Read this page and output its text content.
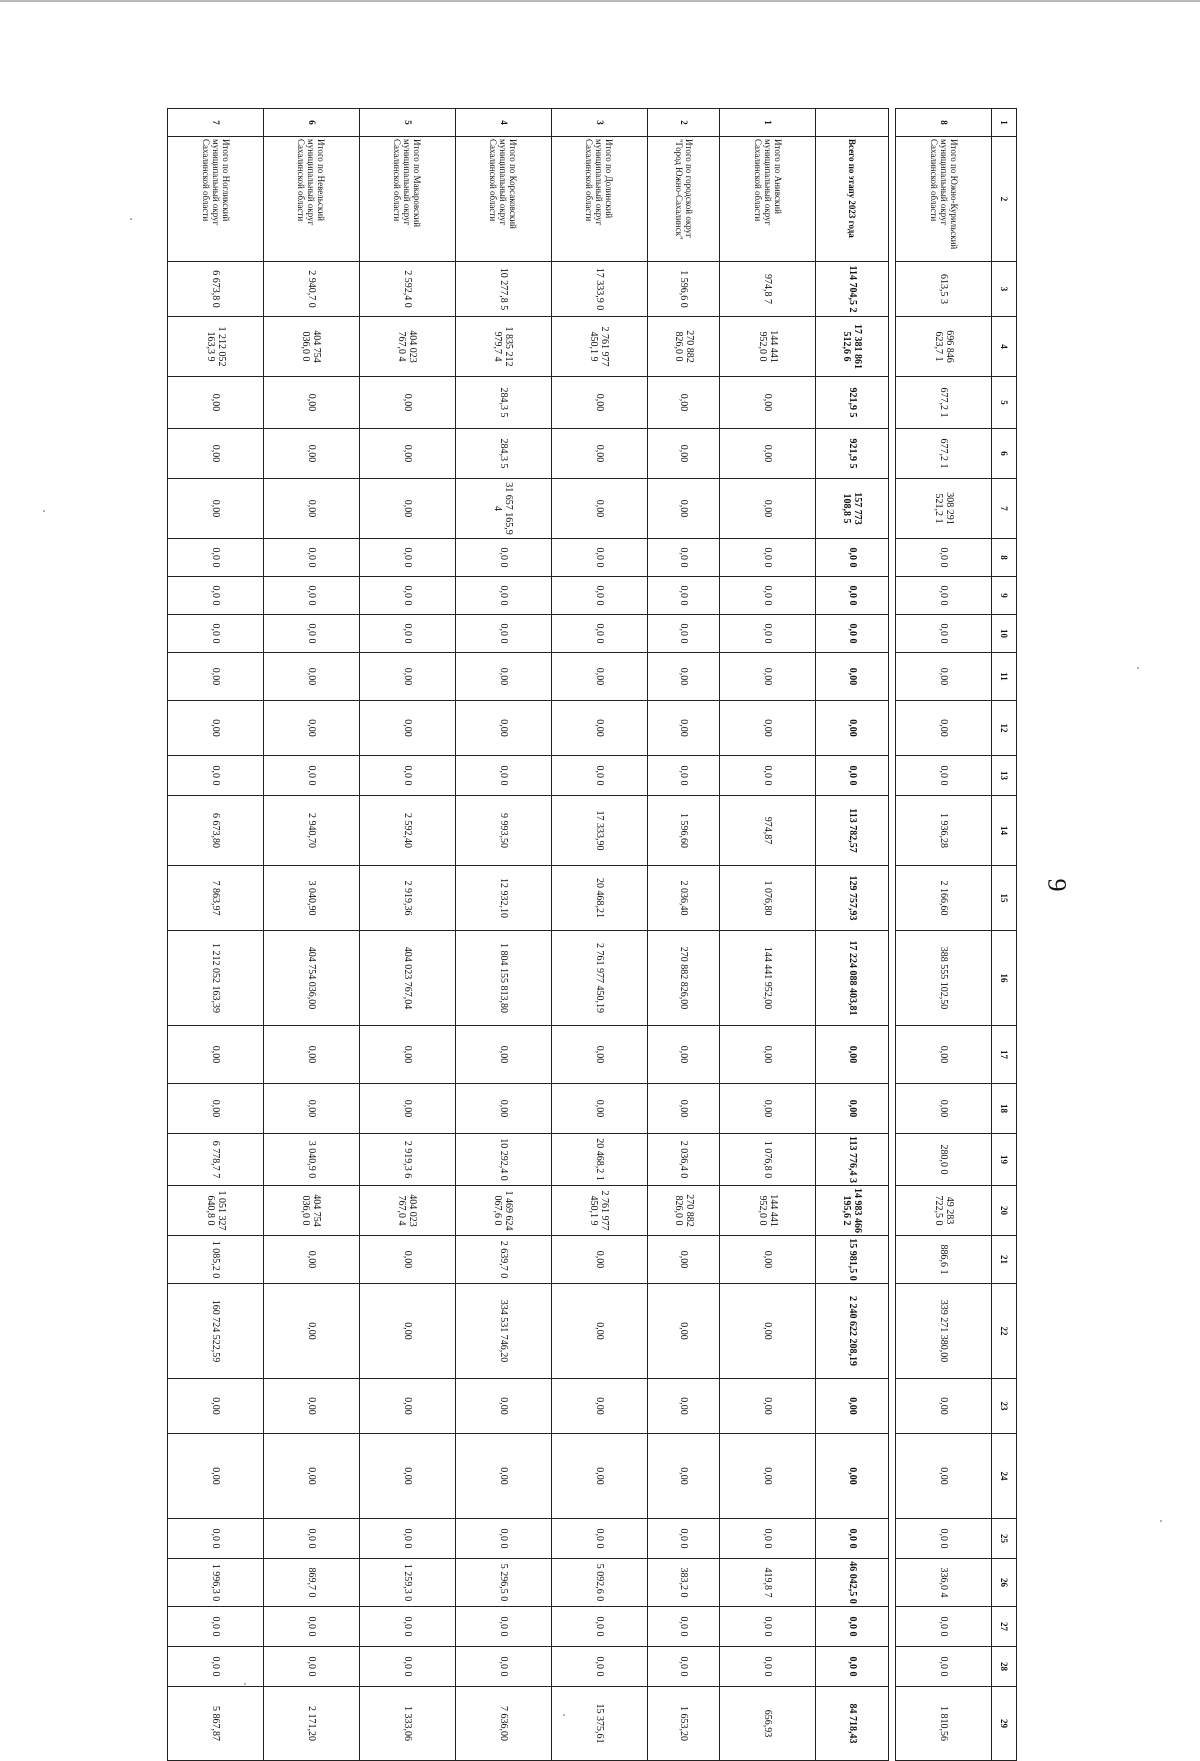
1	2	3	4	5	6	7	8	9	10	11	12	13	14	15	16	17	18	19	20	21	22	23	24	25	26	27	28	29
8	Итого по Южно-Курильский муниципальный округ Сахалинской области	613,5 3	696 846 623,7 1	677,2 1	677,2 1	308 291 521,2 1	0,0 0	0,0 0	0,0 0	0,00	0,00	0,0 0	1 936,28	2 166,60	388 555 102,50	0,00	0,00	280,0 0	49 283 722,5 0	886,6 1	339 271 380,00	0,00	0,00	0,0 0	336,0 4	0,0 0	0,0 0	1 810,56

	Всего по этапу 2023 года	114 704,5 2	17 381 861 512,6 6	921,9 5	921,9 5	157 773 108,8 5	0,0 0	0,0 0	0,0 0	0,00	0,00	0,0 0	113 782,57	129 757,93	17 224 088 403,81	0,00	0,00	113 776,4 3	14 983 466 195,6 2	15 981,5 0	2 240 622 208,19	0,00	0,00	0,0 0	46 042,5 0	0,0 0	0,0 0	84 718,43
1	Итого по Анивский муниципальный округ Сахалинской области	974,8 7	144 441 952,0 0	0,00	0,00	0,00	0,0 0	0,0 0	0,0 0	0,00	0,00	0,0 0	974,87	1 076,80	144 441 952,00	0,00	0,00	1 076,8 0	144 441 952,0 0	0,00	0,00	0,00	0,00	0,0 0	419,8 7	0,0 0	0,0 0	656,93
2	Итого по городской округ "Город Южно-Сахалинск"	1 596,6 0	270 882 826,0 0	0,00	0,00	0,00	0,0 0	0,0 0	0,0 0	0,00	0,00	0,0 0	1 596,60	2 036,40	270 882 826,00	0,00	0,00	2 036,4 0	270 882 826,0 0	0,00	0,00	0,00	0,00	0,0 0	383,2 0	0,0 0	0,0 0	1 653,20
3	Итого по Долинский муниципальный округ Сахалинской области	17 333,9 0	2 761 977 450,1 9	0,00	0,00	0,00	0,0 0	0,0 0	0,0 0	0,00	0,00	0,0 0	17 333,90	20 468,21	2 761 977 450,19	0,00	0,00	20 468,2 1	2 761 977 450,1 9	0,00	0,00	0,00	0,00	0,0 0	5 092,6 0	0,0 0	0,0 0	15 375,61
4	Итого по Корсаковский муниципальный округ Сахалинской области	10 277,8 5	1 835 212 979,7 4	284,3 5	284,3 5	31 657 165,9 4	0,0 0	0,0 0	0,0 0	0,00	0,00	0,0 0	9 993,50	12 932,10	1 804 155 813,80	0,00	0,00	10 292,4 0	1 469 624 067,6 0	2 639,7 0	334 531 746,20	0,00	0,00	0,0 0	5 296,5 0	0,0 0	0,0 0	7 636,00
5	Итого по Макаровский муниципальный округ Сахалинской области	2 592,4 0	404 023 767,0 4	0,00	0,00	0,00	0,0 0	0,0 0	0,0 0	0,00	0,00	0,0 0	2 592,40	2 919,36	404 023 767,04	0,00	0,00	2 919,3 6	404 023 767,0 4	0,00	0,00	0,00	0,00	0,0 0	1 259,3 0	0,0 0	0,0 0	1 333,06
6	Итого по Невельский муниципальный округ Сахалинской области	2 940,7 0	404 754 036,0 0	0,00	0,00	0,00	0,0 0	0,0 0	0,0 0	0,00	0,00	0,0 0	2 940,70	3 040,90	404 754 036,00	0,00	0,00	3 040,9 0	404 754 036,0 0	0,00	0,00	0,00	0,00	0,0 0	869,7 0	0,0 0	0,0 0	2 171,20
7	Итого по Ногликский муниципальный округ Сахалинской области	6 673,8 0	1 212 052 163,3 9	0,00	0,00	0,00	0,0 0	0,0 0	0,0 0	0,00	0,00	0,0 0	6 673,80	7 863,97	1 212 052 163,39	0,00	0,00	6 778,7 7	1 051 327 640,8 0	1 085,2 0	160 724 522,59	0,00	0,00	0,0 0	1 996,3 0	0,0 0	0,0 0	5 867,87
9
